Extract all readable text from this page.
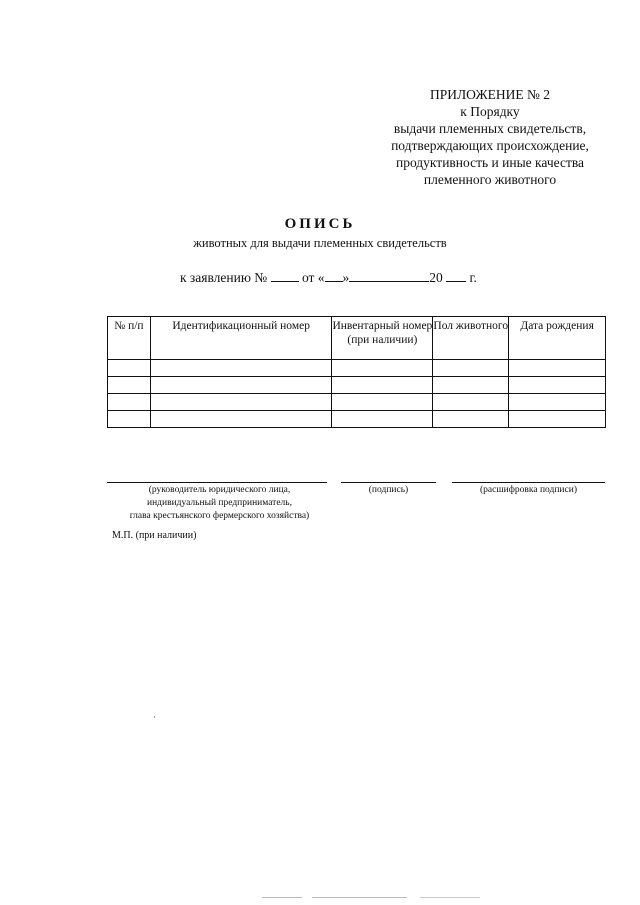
ПРИЛОЖЕНИЕ № 2
к Порядку
выдачи племенных свидетельств,
подтверждающих происхождение,
продуктивность и иные качества
племенного животного
ОПИСЬ
животных для выдачи племенных свидетельств
к заявлению №	от « »	20 г.
№ п/п	Идентификационный номер	Инвентарный номер (при наличии)	Пол животного	Дата рождения

(руководитель юридического лица,
индивидуальный предприниматель,
глава крестьянского фермерского хозяйства)
(подпись)	(расшифровка подписи)
М.П. (при наличии)
